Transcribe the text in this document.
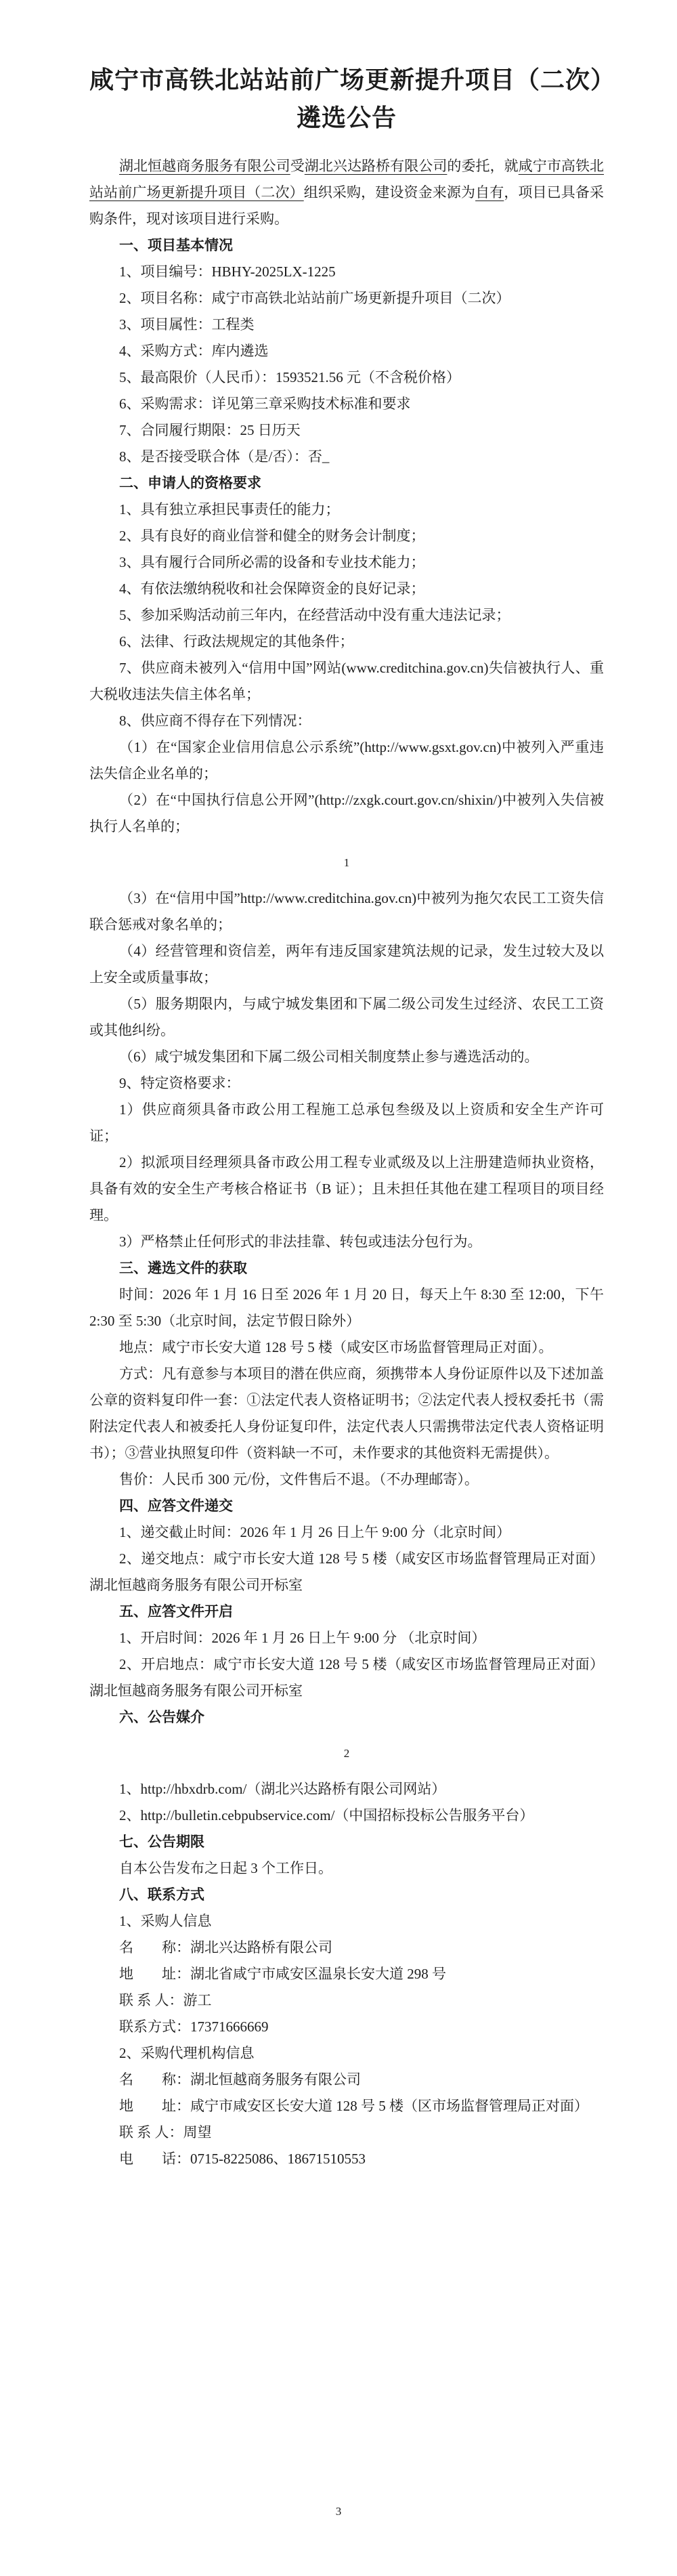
咸宁市高铁北站站前广场更新提升项目（二次）
遴选公告

湖北恒越商务服务有限公司受湖北兴达路桥有限公司的委托，就咸宁市高铁北站站前广场更新提升项目（二次）组织采购，建设资金来源为自有，项目已具备采购条件，现对该项目进行采购。

一、项目基本情况

1、项目编号：HBHY-2025LX-1225

2、项目名称：咸宁市高铁北站站前广场更新提升项目（二次）

3、项目属性：工程类

4、采购方式：库内遴选

5、最高限价（人民币）：1593521.56 元（不含税价格）

6、采购需求：详见第三章采购技术标准和要求

7、合同履行期限：25 日历天

8、是否接受联合体（是/否）：否_

二、申请人的资格要求

1、具有独立承担民事责任的能力；

2、具有良好的商业信誉和健全的财务会计制度；

3、具有履行合同所必需的设备和专业技术能力；

4、有依法缴纳税收和社会保障资金的良好记录；

5、参加采购活动前三年内，在经营活动中没有重大违法记录；

6、法律、行政法规规定的其他条件；

7、供应商未被列入“信用中国”网站(www.creditchina.gov.cn)失信被执行人、重大税收违法失信主体名单；

8、供应商不得存在下列情况：

（1）在“国家企业信用信息公示系统”(http://www.gsxt.gov.cn)中被列入严重违法失信企业名单的；

（2）在“中国执行信息公开网”(http://zxgk.court.gov.cn/shixin/)中被列入失信被执行人名单的；

1

（3）在“信用中国”http://www.creditchina.gov.cn)中被列为拖欠农民工工资失信联合惩戒对象名单的；

（4）经营管理和资信差，两年有违反国家建筑法规的记录，发生过较大及以上安全或质量事故；

（5）服务期限内，与咸宁城发集团和下属二级公司发生过经济、农民工工资或其他纠纷。

（6）咸宁城发集团和下属二级公司相关制度禁止参与遴选活动的。

9、特定资格要求：

1）供应商须具备市政公用工程施工总承包叁级及以上资质和安全生产许可证；

2）拟派项目经理须具备市政公用工程专业贰级及以上注册建造师执业资格，具备有效的安全生产考核合格证书（B 证）；且未担任其他在建工程项目的项目经理。

3）严格禁止任何形式的非法挂靠、转包或违法分包行为。

三、遴选文件的获取

时间：2026 年 1 月 16 日至 2026 年 1 月 20 日，每天上午 8:30 至 12:00，下午 2:30 至 5:30（北京时间，法定节假日除外）

地点：咸宁市长安大道 128 号 5 楼（咸安区市场监督管理局正对面）。

方式：凡有意参与本项目的潜在供应商，须携带本人身份证原件以及下述加盖公章的资料复印件一套：①法定代表人资格证明书；②法定代表人授权委托书（需附法定代表人和被委托人身份证复印件，法定代表人只需携带法定代表人资格证明书）；③营业执照复印件（资料缺一不可，未作要求的其他资料无需提供）。

售价：人民币 300 元/份，文件售后不退。（不办理邮寄）。

四、应答文件递交

1、递交截止时间：2026 年 1 月 26 日上午 9:00 分（北京时间）

2、递交地点：咸宁市长安大道 128 号 5 楼（咸安区市场监督管理局正对面）湖北恒越商务服务有限公司开标室

五、应答文件开启

1、开启时间：2026 年 1 月 26 日上午 9:00 分 （北京时间）

2、开启地点：咸宁市长安大道 128 号 5 楼（咸安区市场监督管理局正对面）湖北恒越商务服务有限公司开标室

六、公告媒介
2

1、http://hbxdrb.com/（湖北兴达路桥有限公司网站）

2、http://bulletin.cebpubservice.com/（中国招标投标公告服务平台）

七、公告期限

自本公告发布之日起 3 个工作日。

八、联系方式

1、采购人信息

名　　称：湖北兴达路桥有限公司

地　　址：湖北省咸宁市咸安区温泉长安大道 298 号

联 系 人：游工

联系方式：17371666669

2、采购代理机构信息

名　　称：湖北恒越商务服务有限公司

地　　址：咸宁市咸安区长安大道 128 号 5 楼（区市场监督管理局正对面）

联 系 人：周望

电　　话：0715-8225086、18671510553

3
